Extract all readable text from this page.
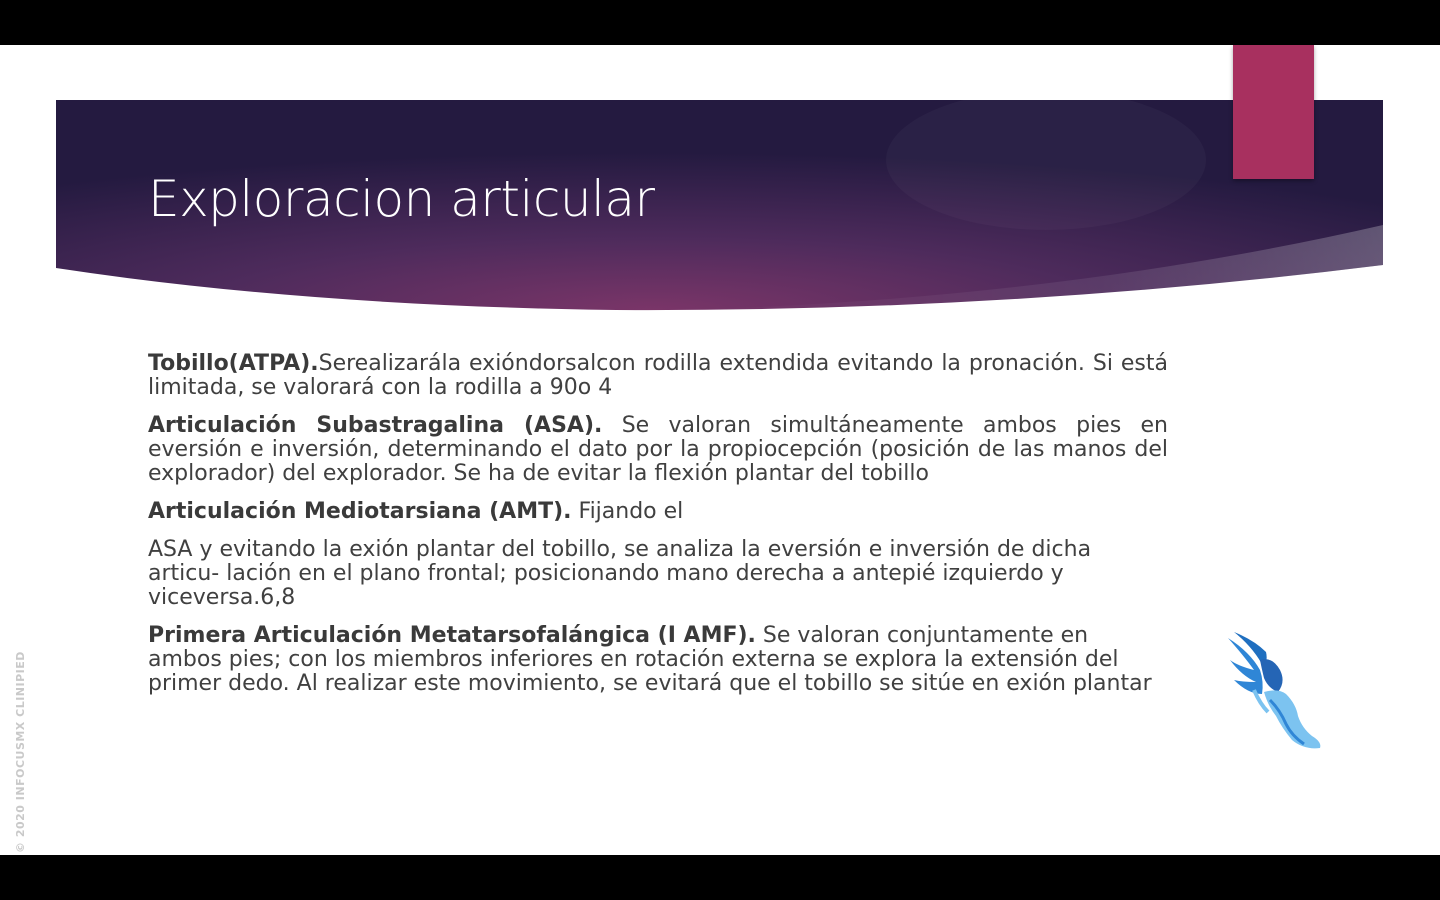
Exploracion articular

Tobillo(ATPA).Serealizarála exióndorsalcon rodilla extendida evitando la pronación. Si está limitada, se valorará con la rodilla a 90o 4

Articulación Subastragalina (ASA). Se valoran simultáneamente ambos pies en eversión e inversión, determinando el dato por la propiocepción (posición de las manos del explorador) del explorador. Se ha de evitar la flexión plantar del tobillo

Articulación Mediotarsiana (AMT). Fijando el

ASA y evitando la exión plantar del tobillo, se analiza la eversión e inversión de dicha articu- lación en el plano frontal; posicionando mano derecha a antepié izquierdo y viceversa.6,8

Primera Articulación Metatarsofalángica (I AMF). Se valoran conjuntamente en ambos pies; con los miembros inferiores en rotación externa se explora la extensión del primer dedo. Al realizar este movimiento, se evitará que el tobillo se sitúe en exión plantar

© 2020 INFOCUSMX CLINIPIED
